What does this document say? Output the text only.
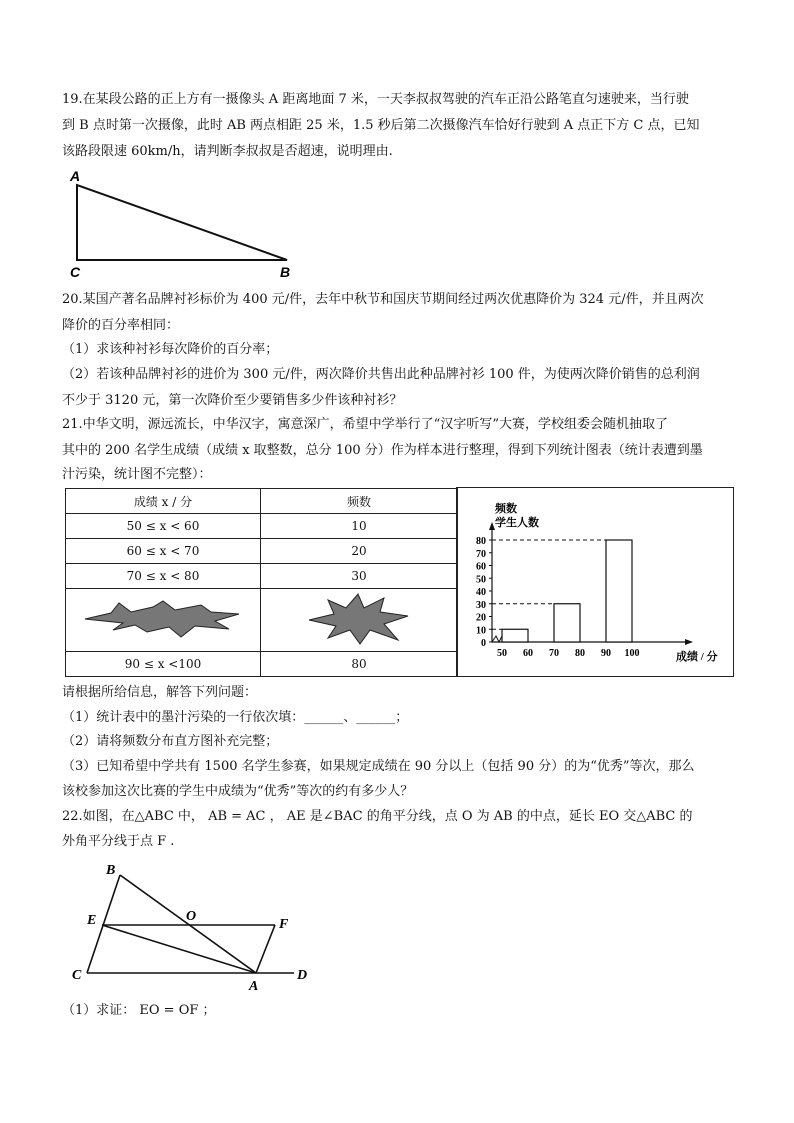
19.在某段公路的正上方有一摄像头 A 距离地面 7 米，一天李叔叔驾驶的汽车正沿公路笔直匀速驶来，当行驶
到 B 点时第一次摄像，此时 AB 两点相距 25 米，1.5 秒后第二次摄像汽车恰好行驶到 A 点正下方 C 点，已知
该路段限速 60km/h，请判断李叔叔是否超速，说明理由.
A
C	B
20.某国产著名品牌衬衫标价为 400 元/件，去年中秋节和国庆节期间经过两次优惠降价为 324 元/件，并且两次
降价的百分率相同：
（1）求该种衬衫每次降价的百分率；
（2）若该种品牌衬衫的进价为 300 元/件，两次降价共售出此种品牌衬衫 100 件，为使两次降价销售的总利润
不少于 3120 元，第一次降价至少要销售多少件该种衬衫？
21.中华文明，源远流长，中华汉字，寓意深广，希望中学举行了“汉字听写”大赛，学校组委会随机抽取了
其中的 200 名学生成绩（成绩 x 取整数，总分 100 分）作为样本进行整理，得到下列统计图表（统计表遭到墨
汁污染，统计图不完整）：
成绩 x / 分	频数
50 ≤ x < 60	10
60 ≤ x < 70	20
70 ≤ x < 80	30

90 ≤ x <100	80
频数
学生人数
成绩 / 分
0
10
20
30
40
50
60
70
80
50 60 70 80 90 100
请根据所给信息，解答下列问题：
（1）统计表中的墨汁污染的一行依次填：______、______；
（2）请将频数分布直方图补充完整；
（3）已知希望中学共有 1500 名学生参赛，如果规定成绩在 90 分以上（包括 90 分）的为“优秀”等次，那么
该校参加这次比赛的学生中成绩为“优秀”等次的约有多少人？
22.如图，在△ABC 中， AB = AC ， AE 是∠BAC 的角平分线，点 O 为 AB 的中点，延长 EO 交△ABC 的
外角平分线于点 F .
B
E	O
F
C	D
A
（1）求证： EO = OF ；
